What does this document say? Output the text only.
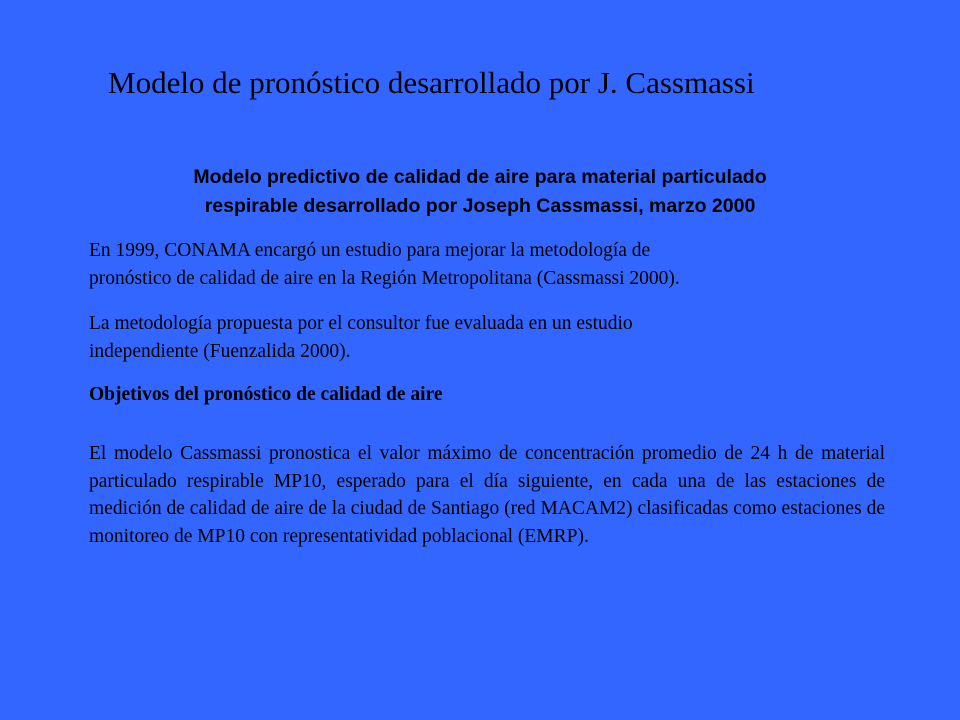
Modelo de pronóstico desarrollado por J. Cassmassi
Modelo predictivo de calidad de aire para material particulado
respirable desarrollado por Joseph Cassmassi, marzo 2000
En 1999, CONAMA encargó un estudio para mejorar la metodología de
pronóstico de calidad de aire en la Región Metropolitana (Cassmassi 2000).
La metodología propuesta por el consultor fue evaluada en un estudio
independiente (Fuenzalida 2000).
Objetivos del pronóstico de calidad de aire
El modelo Cassmassi pronostica el valor máximo de concentración promedio de 24 h de material particulado respirable MP10, esperado para el día siguiente, en cada una de las estaciones de medición de calidad de aire de la ciudad de Santiago (red MACAM2) clasificadas como estaciones de monitoreo de MP10 con representatividad poblacional (EMRP).
